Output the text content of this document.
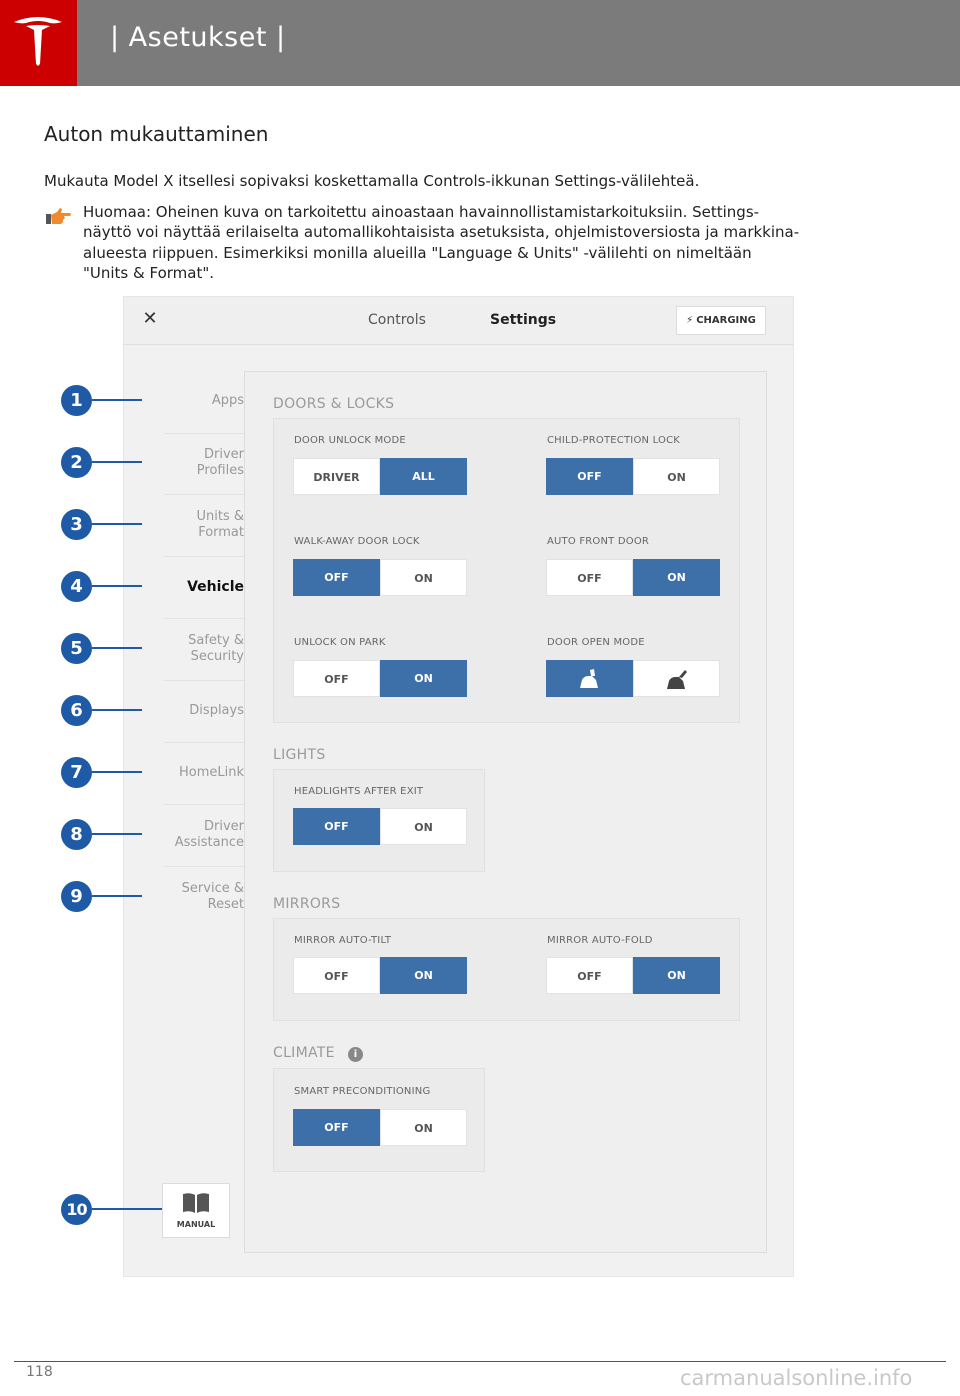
| Asetukset |
Auton mukauttaminen
Mukauta Model X itsellesi sopivaksi koskettamalla Controls-ikkunan Settings-välilehteä.
Huomaa: Oheinen kuva on tarkoitettu ainoastaan havainnollistamistarkoituksiin. Settings-
näyttö voi näyttää erilaiselta automallikohtaisista asetuksista, ohjelmistoversiosta ja markkina-
alueesta riippuen. Esimerkiksi monilla alueilla "Language & Units" -välilehti on nimeltään
"Units & Format".
✕	Controls	Settings	⚡ CHARGING
Apps
Driver
Profiles
Units &
Format
Vehicle
Safety &
Security
Displays
HomeLink
Driver
Assistance
Service &
Reset
MANUAL
DOORS & LOCKS
DOOR UNLOCK MODE
DRIVER	ALL
CHILD-PROTECTION LOCK
OFF	ON
WALK-AWAY DOOR LOCK
OFF	ON
AUTO FRONT DOOR
OFF	ON
UNLOCK ON PARK
OFF	ON
DOOR OPEN MODE
LIGHTS
HEADLIGHTS AFTER EXIT
OFF	ON
MIRRORS
MIRROR AUTO-TILT
OFF	ON
MIRROR AUTO-FOLD
OFF	ON
CLIMATE	i
SMART PRECONDITIONING
OFF	ON
1
2
3
4
5
6
7
8
9
10
118	carmanualsonline.info
